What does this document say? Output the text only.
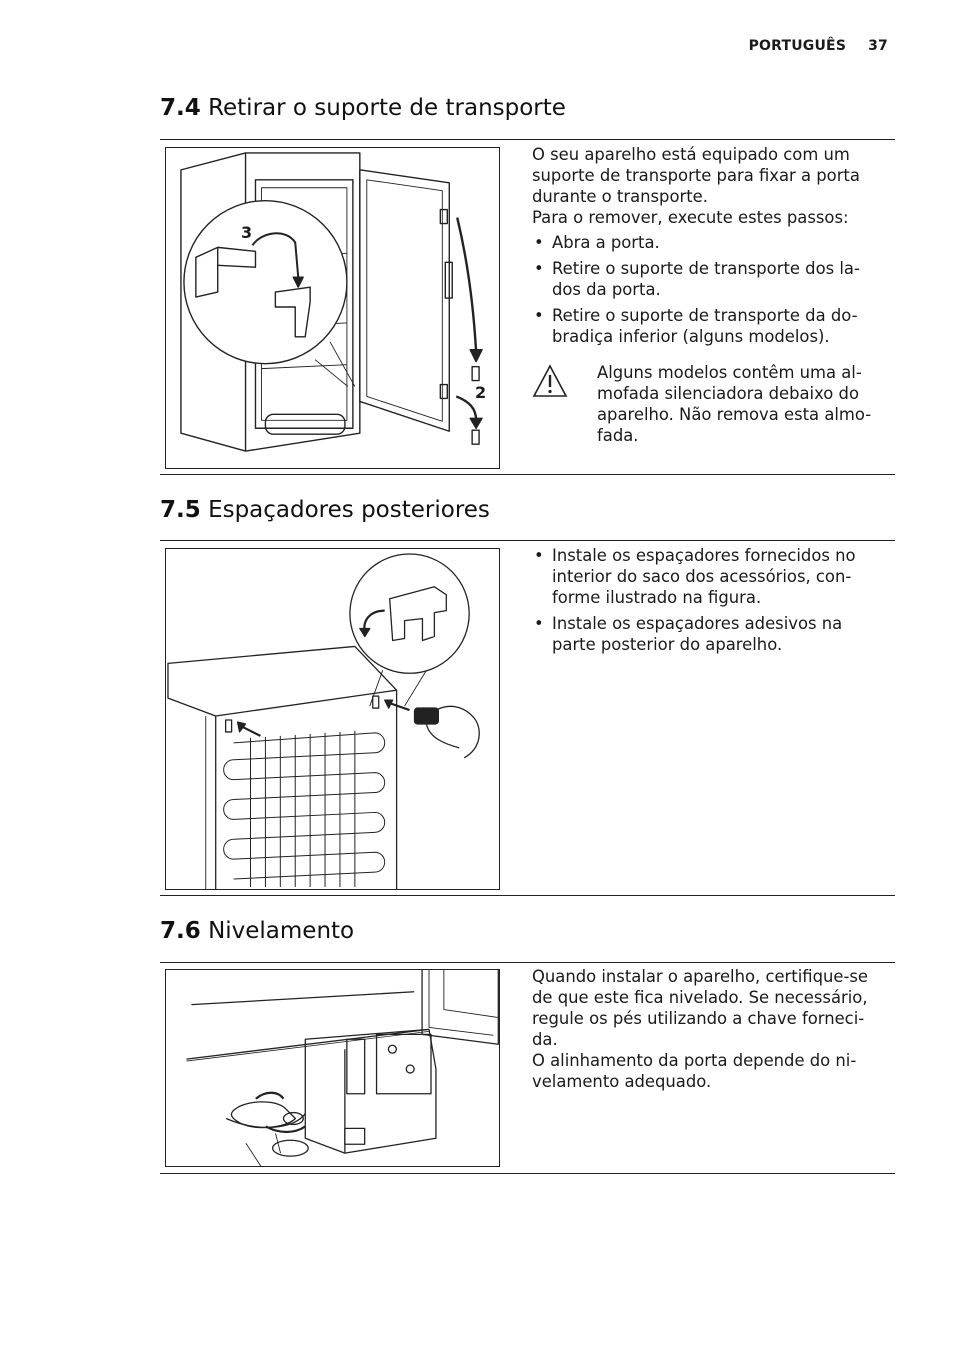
PORTUGUÊS 37
7.4 Retirar o suporte de transporte
3
2

O seu aparelho está equipado com um suporte de transporte para fixar a porta durante o transporte.

Para o remover, execute estes passos:

• Abra a porta.
• Retire o suporte de transporte dos la-dos da porta.
• Retire o suporte de transporte da do-bradiça inferior (alguns modelos).
Alguns modelos contêm uma al-mofada silenciadora debaixo do aparelho. Não remova esta almo-fada.
7.5 Espaçadores posteriores
• Instale os espaçadores fornecidos no interior do saco dos acessórios, con-forme ilustrado na figura.
• Instale os espaçadores adesivos na parte posterior do aparelho.
7.6 Nivelamento

Quando instalar o aparelho, certifique-se de que este fica nivelado. Se necessário, regule os pés utilizando a chave forneci-da.

O alinhamento da porta depende do ni-velamento adequado.
